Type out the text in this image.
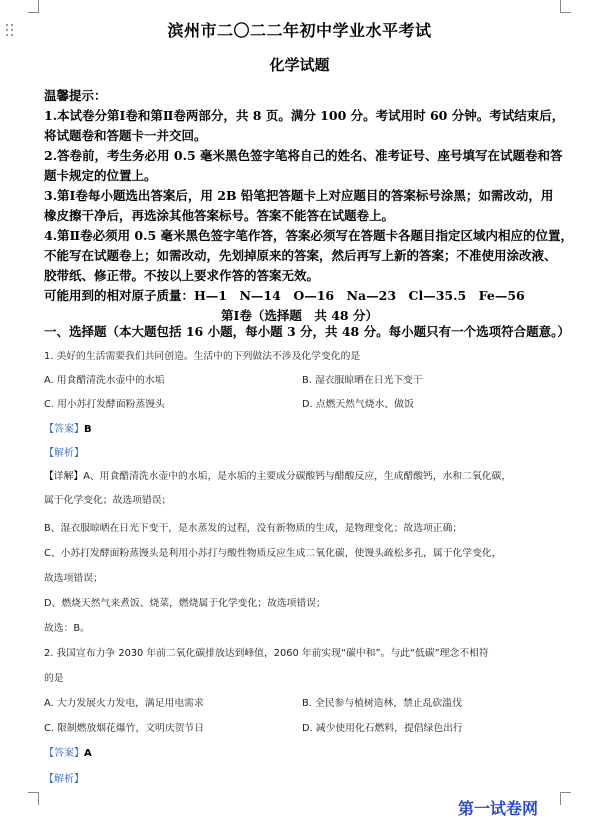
滨州市二〇二二年初中学业水平考试
化学试题
温馨提示：
1.本试卷分第Ⅰ卷和第Ⅱ卷两部分，共 8 页。满分 100 分。考试用时 60 分钟。考试结束后，
将试题卷和答题卡一并交回。
2.答卷前，考生务必用 0.5 毫米黑色签字笔将自己的姓名、准考证号、座号填写在试题卷和答
题卡规定的位置上。
3.第Ⅰ卷每小题选出答案后，用 2B 铅笔把答题卡上对应题目的答案标号涂黑；如需改动，用
橡皮擦干净后，再选涂其他答案标号。答案不能答在试题卷上。
4.第Ⅱ卷必须用 0.5 毫米黑色签字笔作答，答案必须写在答题卡各题目指定区域内相应的位置，
不能写在试题卷上；如需改动，先划掉原来的答案，然后再写上新的答案；不准使用涂改液、
胶带纸、修正带。不按以上要求作答的答案无效。
可能用到的相对原子质量：H—1　N—14　O—16　Na—23　Cl—35.5　Fe—56
第Ⅰ卷（选择题　共 48 分）
一、选择题（本大题包括 16 小题，每小题 3 分，共 48 分。每小题只有一个选项符合题意。）
1. 美好的生活需要我们共同创造。生活中的下列做法不涉及化学变化的是
A. 用食醋清洗水壶中的水垢	B. 湿衣服晾晒在日光下变干
C. 用小苏打发酵面粉蒸馒头	D. 点燃天然气烧水、做饭
【答案】B
【解析】
【详解】A、用食醋清洗水壶中的水垢，是水垢的主要成分碳酸钙与醋酸反应，生成醋酸钙，水和二氧化碳，
属于化学变化；故选项错误；
B、湿衣服晾晒在日光下变干，是水蒸发的过程，没有新物质的生成，是物理变化；故选项正确；
C、小苏打发酵面粉蒸馒头是利用小苏打与酸性物质反应生成二氧化碳，使馒头疏松多孔，属于化学变化，
故选项错误；
D、燃烧天然气来煮饭、烧菜，燃烧属于化学变化；故选项错误；
故选：B。
2. 我国宣布力争 2030 年前二氧化碳排放达到峰值，2060 年前实现“碳中和”。与此“低碳”理念不相符
的是
A. 大力发展火力发电，满足用电需求	B. 全民参与植树造林，禁止乱砍滥伐
C. 限制燃放烟花爆竹，文明庆贺节日	D. 减少使用化石燃料，提倡绿色出行
【答案】A
【解析】
第一试卷网
